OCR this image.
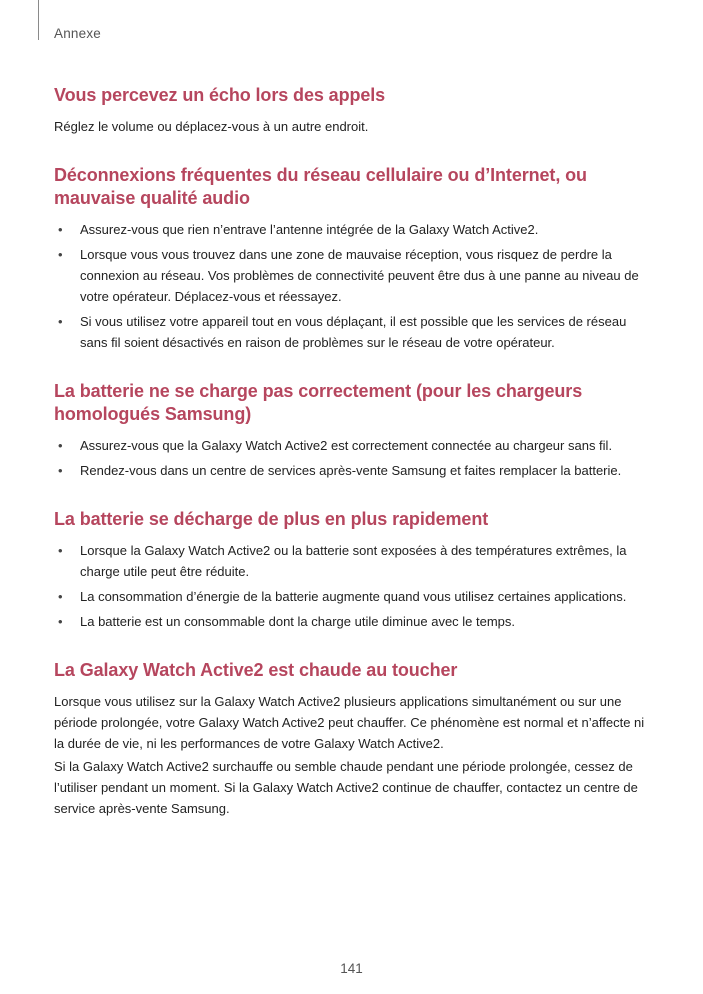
Annexe
Vous percevez un écho lors des appels

Réglez le volume ou déplacez-vous à un autre endroit.

Déconnexions fréquentes du réseau cellulaire ou d’Internet, ou mauvaise qualité audio
• Assurez-vous que rien n’entrave l’antenne intégrée de la Galaxy Watch Active2.
• Lorsque vous vous trouvez dans une zone de mauvaise réception, vous risquez de perdre la connexion au réseau. Vos problèmes de connectivité peuvent être dus à une panne au niveau de votre opérateur. Déplacez-vous et réessayez.
• Si vous utilisez votre appareil tout en vous déplaçant, il est possible que les services de réseau sans fil soient désactivés en raison de problèmes sur le réseau de votre opérateur.
La batterie ne se charge pas correctement (pour les chargeurs homologués Samsung)
• Assurez-vous que la Galaxy Watch Active2 est correctement connectée au chargeur sans fil.
• Rendez-vous dans un centre de services après-vente Samsung et faites remplacer la batterie.
La batterie se décharge de plus en plus rapidement
• Lorsque la Galaxy Watch Active2 ou la batterie sont exposées à des températures extrêmes, la charge utile peut être réduite.
• La consommation d’énergie de la batterie augmente quand vous utilisez certaines applications.
• La batterie est un consommable dont la charge utile diminue avec le temps.
La Galaxy Watch Active2 est chaude au toucher

Lorsque vous utilisez sur la Galaxy Watch Active2 plusieurs applications simultanément ou sur une période prolongée, votre Galaxy Watch Active2 peut chauffer. Ce phénomène est normal et n’affecte ni la durée de vie, ni les performances de votre Galaxy Watch Active2.

Si la Galaxy Watch Active2 surchauffe ou semble chaude pendant une période prolongée, cessez de l’utiliser pendant un moment. Si la Galaxy Watch Active2 continue de chauffer, contactez un centre de service après-vente Samsung.

141
